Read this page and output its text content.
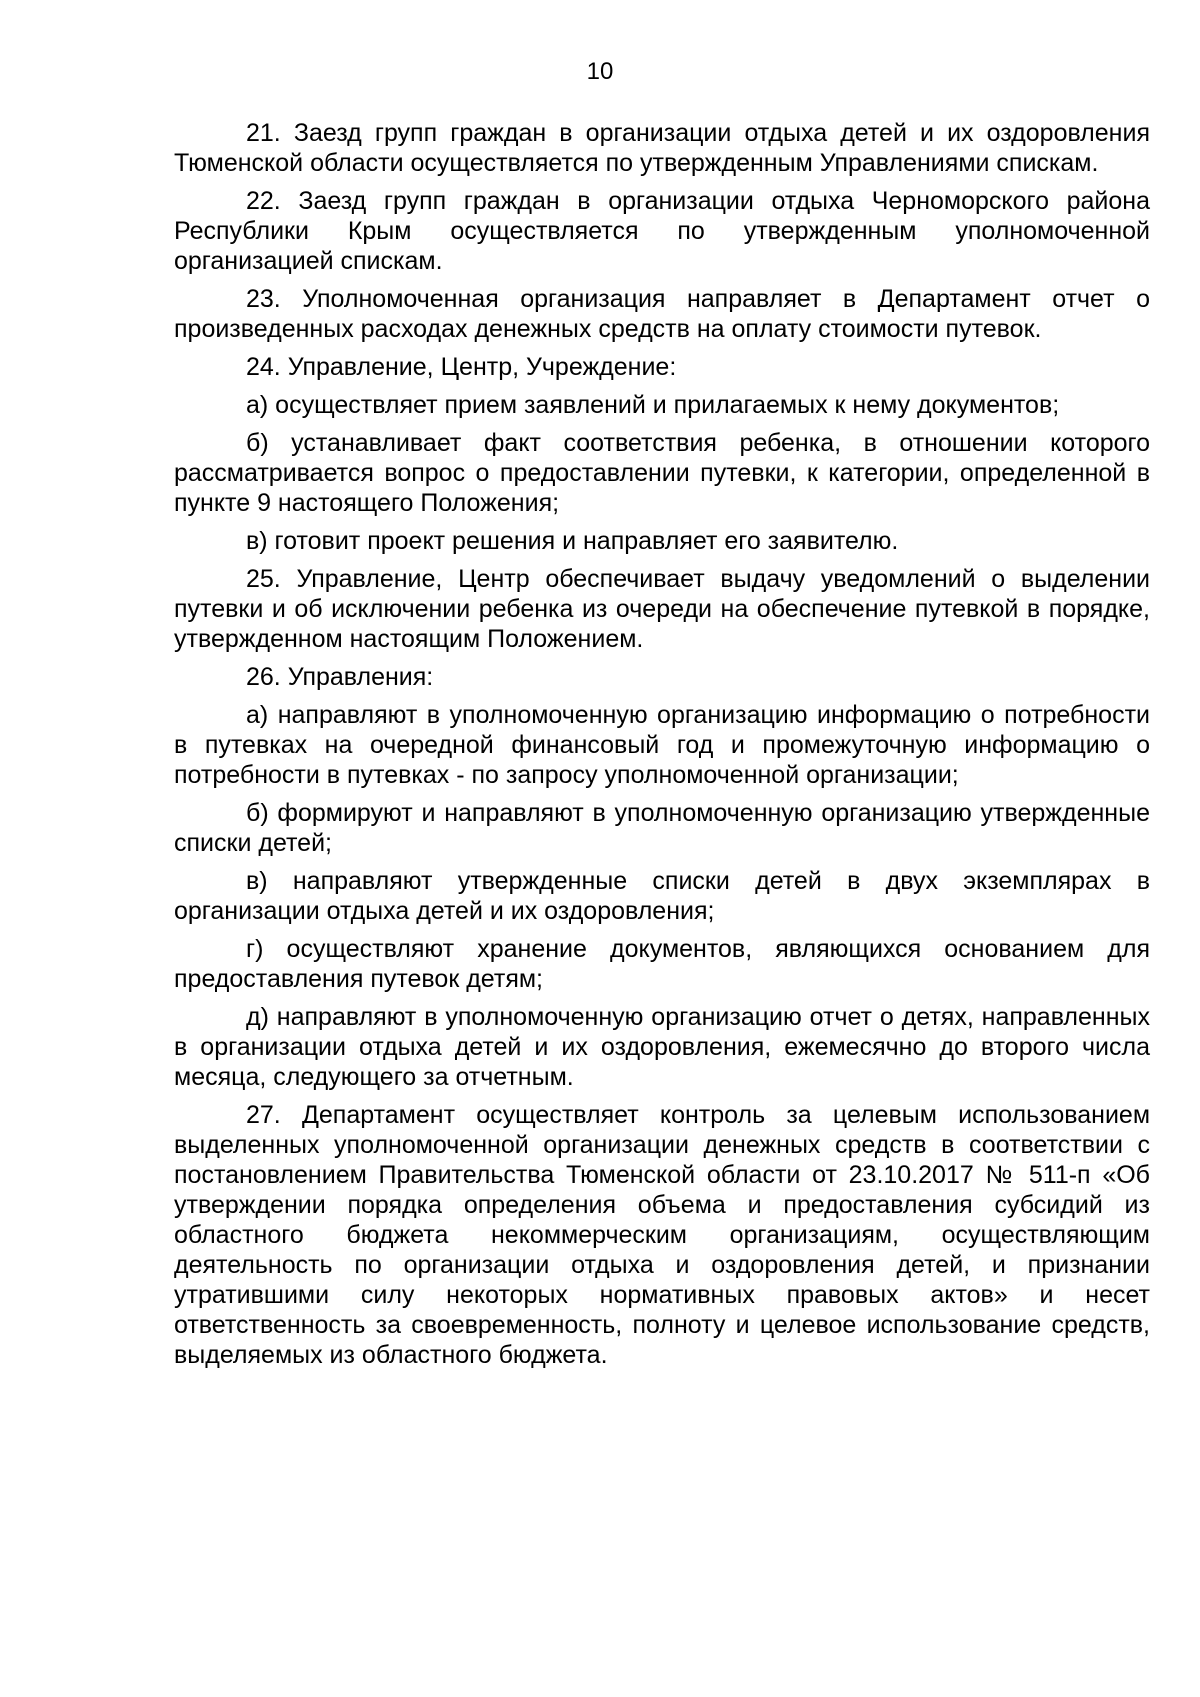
10

21. Заезд групп граждан в организации отдыха детей и их оздоровления Тюменской области осуществляется по утвержденным Управлениями спискам.

22. Заезд групп граждан в организации отдыха Черноморского района Республики Крым осуществляется по утвержденным уполномоченной организацией спискам.

23. Уполномоченная организация направляет в Департамент отчет о произведенных расходах денежных средств на оплату стоимости путевок.

24. Управление, Центр, Учреждение:

а) осуществляет прием заявлений и прилагаемых к нему документов;

б) устанавливает факт соответствия ребенка, в отношении которого рассматривается вопрос о предоставлении путевки, к категории, определенной в пункте 9 настоящего Положения;

в) готовит проект решения и направляет его заявителю.

25. Управление, Центр обеспечивает выдачу уведомлений о выделении путевки и об исключении ребенка из очереди на обеспечение путевкой в порядке, утвержденном настоящим Положением.

26. Управления:

а) направляют в уполномоченную организацию информацию о потребности в путевках на очередной финансовый год и промежуточную информацию о потребности в путевках - по запросу уполномоченной организации;

б) формируют и направляют в уполномоченную организацию утвержденные списки детей;

в) направляют утвержденные списки детей в двух экземплярах в организации отдыха детей и их оздоровления;

г) осуществляют хранение документов, являющихся основанием для предоставления путевок детям;

д) направляют в уполномоченную организацию отчет о детях, направленных в организации отдыха детей и их оздоровления, ежемесячно до второго числа месяца, следующего за отчетным.

27. Департамент осуществляет контроль за целевым использованием выделенных уполномоченной организации денежных средств в соответствии с постановлением Правительства Тюменской области от 23.10.2017 № 511-п «Об утверждении порядка определения объема и предоставления субсидий из областного бюджета некоммерческим организациям, осуществляющим деятельность по организации отдыха и оздоровления детей, и признании утратившими силу некоторых нормативных правовых актов» и несет ответственность за своевременность, полноту и целевое использование средств, выделяемых из областного бюджета.
